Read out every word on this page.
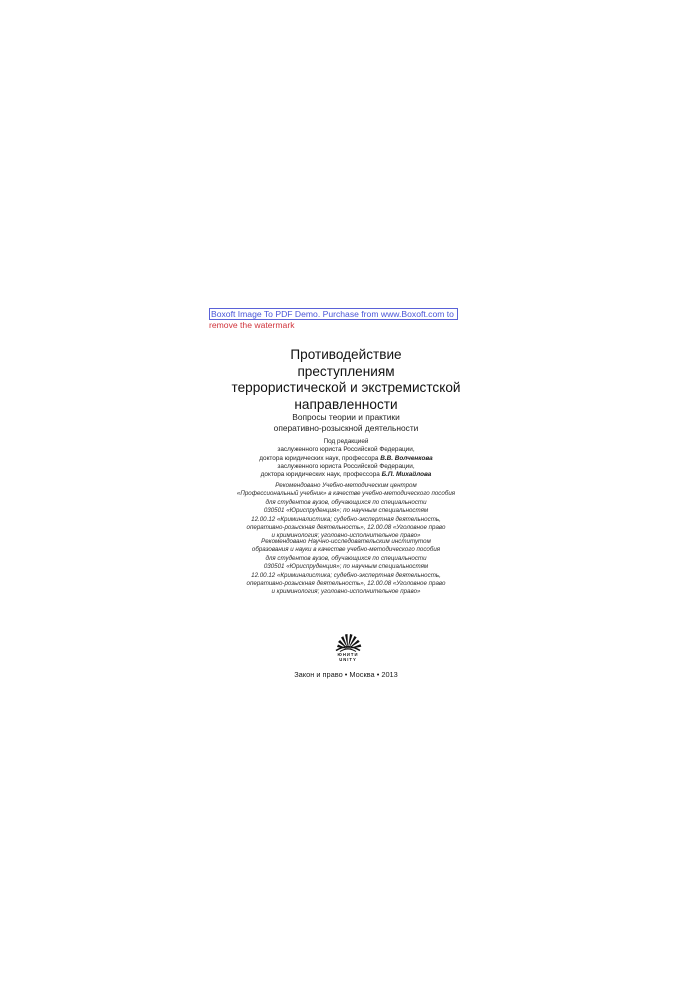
Boxoft Image To PDF Demo. Purchase from www.Boxoft.com to
remove the watermark
Противодействие
преступлениям
террористической и экстремистской
направленности
Вопросы теории и практики
оперативно-розыскной деятельности
Под редакцией
заслуженного юриста Российской Федерации,
доктора юридических наук, профессора В.В. Волченкова
заслуженного юриста Российской Федерации,
доктора юридических наук, профессора Б.П. Михайлова
Рекомендовано Учебно-методическим центром
«Профессиональный учебник» в качестве учебно-методического пособия
для студентов вузов, обучающихся по специальности
030501 «Юриспруденция»; по научным специальностям
12.00.12 «Криминалистика; судебно-экспертная деятельность,
оперативно-розыскная деятельность», 12.00.08 «Уголовное право
и криминология; уголовно-исполнительное право»
Рекомендовано Научно-исследовательским институтом
образования и науки в качестве учебно-методического пособия
для студентов вузов, обучающихся по специальности
030501 «Юриспруденция»; по научным специальностям
12.00.12 «Криминалистика; судебно-экспертная деятельность,
оперативно-розыскная деятельность», 12.00.08 «Уголовное право
и криминология; уголовно-исполнительное право»
ЮНИТИ
UNITY
Закон и право • Москва • 2013
